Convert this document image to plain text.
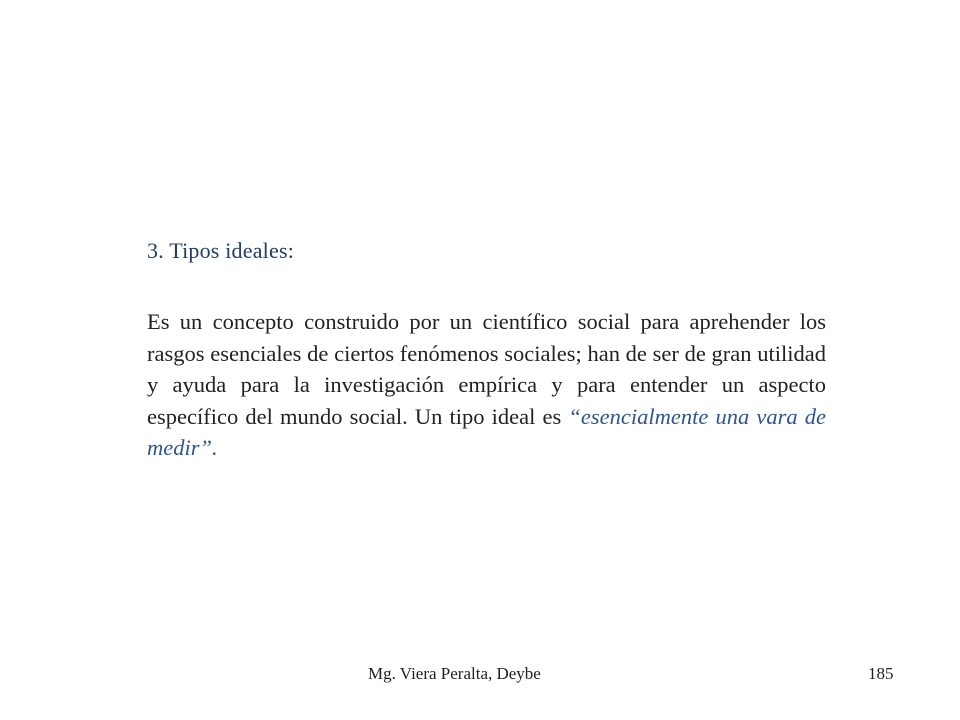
3. Tipos ideales:
Es un concepto construido por un científico social para aprehender los rasgos esenciales de ciertos fenómenos sociales; han de ser de gran utilidad y ayuda para la investigación empírica y para entender un aspecto específico del mundo social. Un tipo ideal es “esencialmente una vara de medir”.
Mg. Viera Peralta, Deybe	185
